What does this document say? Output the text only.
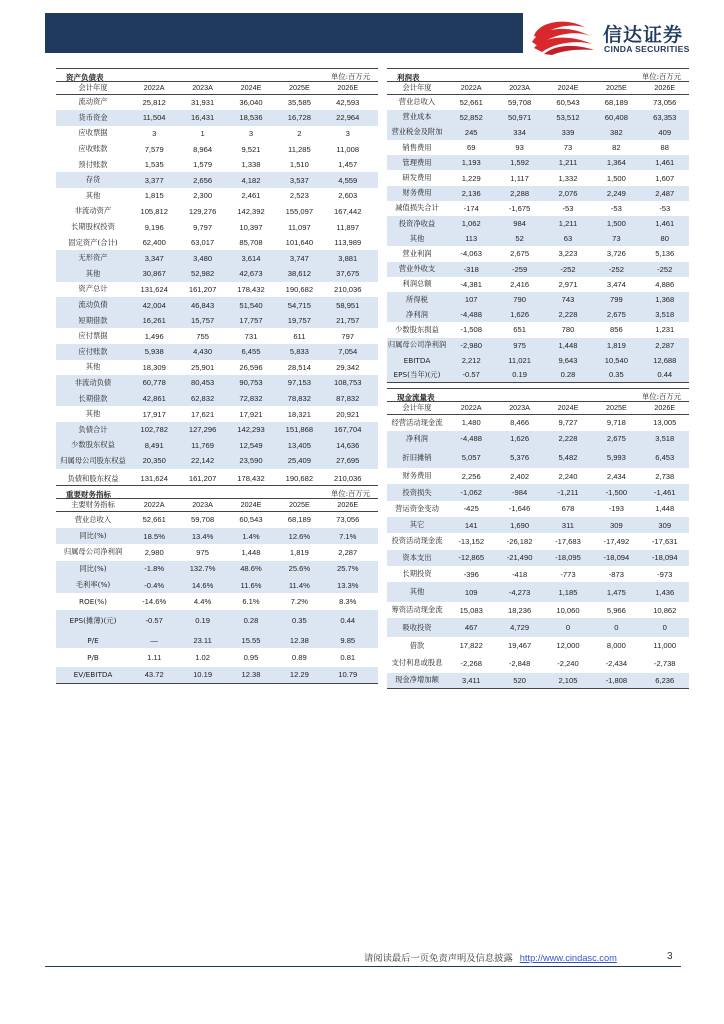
信达证券
CINDA SECURITIES
资产负债表	单位:百万元
会计年度	2022A	2023A	2024E	2025E	2026E
流动资产	25,812	31,931	36,040	35,585	42,593
货币资金	11,504	16,431	18,536	16,728	22,964
应收票据	3	1	3	2	3
应收账款	7,579	8,964	9,521	11,285	11,008
预付账款	1,535	1,579	1,338	1,510	1,457
存货	3,377	2,656	4,182	3,537	4,559
其他	1,815	2,300	2,461	2,523	2,603
非流动资产	105,812	129,276	142,392	155,097	167,442
长期股权投资	9,196	9,797	10,397	11,097	11,897
固定资产(合计)	62,400	63,017	85,708	101,640	113,989
无形资产	3,347	3,480	3,614	3,747	3,881
其他	30,867	52,982	42,673	38,612	37,675
资产总计	131,624	161,207	178,432	190,682	210,036
流动负债	42,004	46,843	51,540	54,715	58,951
短期借款	16,261	15,757	17,757	19,757	21,757
应付票据	1,496	755	731	611	797
应付账款	5,938	4,430	6,455	5,833	7,054
其他	18,309	25,901	26,596	28,514	29,342
非流动负债	60,778	80,453	90,753	97,153	108,753
长期借款	42,861	62,832	72,832	78,832	87,832
其他	17,917	17,621	17,921	18,321	20,921
负债合计	102,782	127,296	142,293	151,868	167,704
少数股东权益	8,491	11,769	12,549	13,405	14,636
归属母公司股东权益	20,350	22,142	23,590	25,409	27,695
负债和股东权益	131,624	161,207	178,432	190,682	210,036
重要财务指标	单位:百万元
主要财务指标	2022A	2023A	2024E	2025E	2026E
营业总收入	52,661	59,708	60,543	68,189	73,056
同比(%)	18.5%	13.4%	1.4%	12.6%	7.1%
归属母公司净利润	2,980	975	1,448	1,819	2,287
同比(%)	-1.8%	132.7%	48.6%	25.6%	25.7%
毛利率(%)	-0.4%	14.6%	11.6%	11.4%	13.3%
ROE(%)	-14.6%	4.4%	6.1%	7.2%	8.3%
EPS(摊薄)(元)	-0.57	0.19	0.28	0.35	0.44
P/E	—	23.11	15.55	12.38	9.85
P/B	1.11	1.02	0.95	0.89	0.81
EV/EBITDA	43.72	10.19	12.38	12.29	10.79
利润表	单位:百万元
会计年度	2022A	2023A	2024E	2025E	2026E
营业总收入	52,661	59,708	60,543	68,189	73,056
营业成本	52,852	50,971	53,512	60,408	63,353
营业税金及附加	245	334	339	382	409
销售费用	69	93	73	82	88
管理费用	1,193	1,592	1,211	1,364	1,461
研发费用	1,229	1,117	1,332	1,500	1,607
财务费用	2,136	2,288	2,076	2,249	2,487
减值损失合计	-174	-1,675	-53	-53	-53
投资净收益	1,062	984	1,211	1,500	1,461
其他	113	52	63	73	80
营业利润	-4,063	2,675	3,223	3,726	5,136
营业外收支	-318	-259	-252	-252	-252
利润总额	-4,381	2,416	2,971	3,474	4,886
所得税	107	790	743	799	1,368
净利润	-4,488	1,626	2,228	2,675	3,518
少数股东损益	-1,508	651	780	856	1,231
归属母公司净利润	-2,980	975	1,448	1,819	2,287
EBITDA	2,212	11,021	9,643	10,540	12,688
EPS(当年)(元)	-0.57	0.19	0.28	0.35	0.44
现金流量表	单位:百万元
会计年度	2022A	2023A	2024E	2025E	2026E
经营活动现金流	1,480	8,466	9,727	9,718	13,005
净利润	-4,488	1,626	2,228	2,675	3,518
折旧摊销	5,057	5,376	5,482	5,993	6,453
财务费用	2,256	2,402	2,240	2,434	2,738
投资损失	-1,062	-984	-1,211	-1,500	-1,461
营运资金变动	-425	-1,646	678	-193	1,448
其它	141	1,690	311	309	309
投资活动现金流	-13,152	-26,182	-17,683	-17,492	-17,631
资本支出	-12,865	-21,490	-18,095	-18,094	-18,094
长期投资	-396	-418	-773	-873	-973
其他	109	-4,273	1,185	1,475	1,436
筹资活动现金流	15,083	18,236	10,060	5,966	10,862
吸收投资	467	4,729	0	0	0
借款	17,822	19,467	12,000	8,000	11,000
支付利息或股息	-2,268	-2,848	-2,240	-2,434	-2,738
现金净增加额	3,411	520	2,105	-1,808	6,236
请阅读最后一页免责声明及信息披露 http://www.cindasc.com	3
